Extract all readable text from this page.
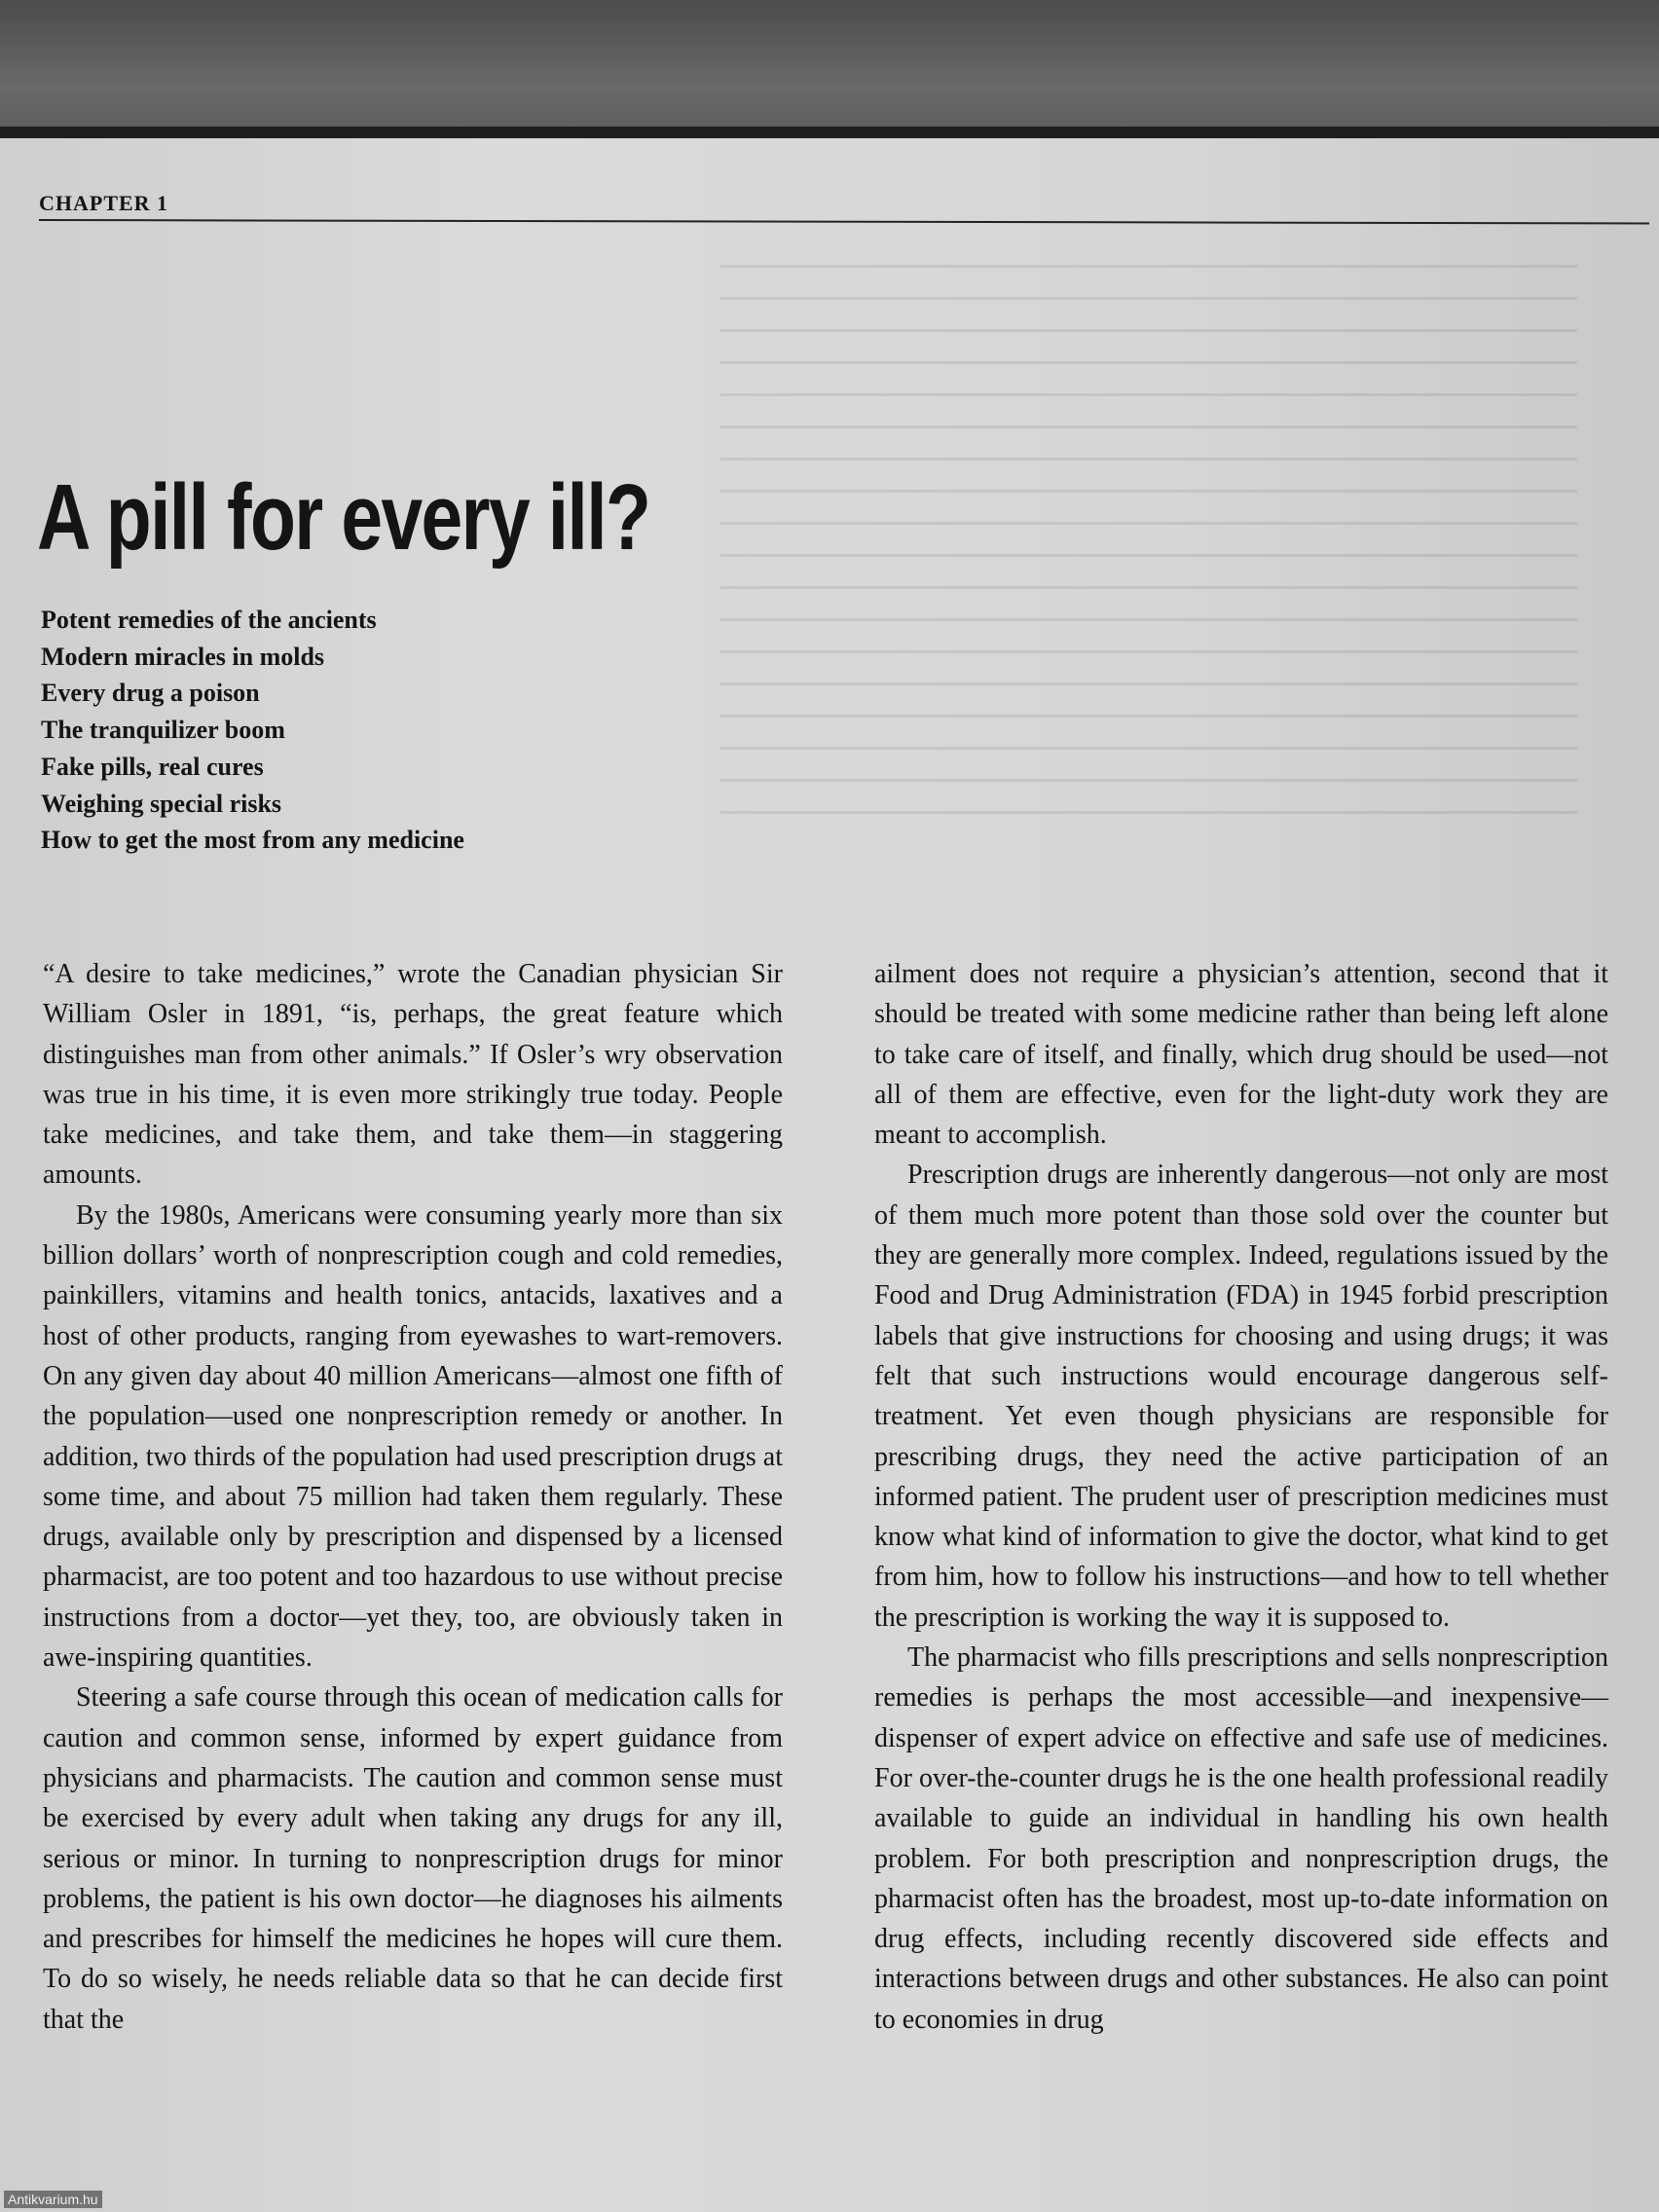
CHAPTER 1
A pill for every ill?
Potent remedies of the ancients
Modern miracles in molds
Every drug a poison
The tranquilizer boom
Fake pills, real cures
Weighing special risks
How to get the most from any medicine

“A desire to take medicines,” wrote the Canadian physician Sir William Osler in 1891, “is, perhaps, the great feature which distinguishes man from other animals.” If Osler’s wry observation was true in his time, it is even more strikingly true today. People take medicines, and take them, and take them—in staggering amounts.

By the 1980s, Americans were consuming yearly more than six billion dollars’ worth of nonprescription cough and cold remedies, painkillers, vitamins and health tonics, antacids, laxatives and a host of other products, ranging from eyewashes to wart-removers. On any given day about 40 million Americans—almost one fifth of the population—used one nonprescription remedy or another. In addition, two thirds of the population had used prescription drugs at some time, and about 75 million had taken them regularly. These drugs, available only by prescription and dispensed by a licensed pharmacist, are too potent and too hazardous to use without precise instructions from a doctor—yet they, too, are obviously taken in awe-inspiring quantities.

Steering a safe course through this ocean of medication calls for caution and common sense, informed by expert guidance from physicians and pharmacists. The caution and common sense must be exercised by every adult when taking any drugs for any ill, serious or minor. In turning to nonprescription drugs for minor problems, the patient is his own doctor—he diagnoses his ailments and prescribes for himself the medicines he hopes will cure them. To do so wisely, he needs reliable data so that he can decide first that the

ailment does not require a physician’s attention, second that it should be treated with some medicine rather than being left alone to take care of itself, and finally, which drug should be used—not all of them are effective, even for the light-duty work they are meant to accomplish.

Prescription drugs are inherently dangerous—not only are most of them much more potent than those sold over the counter but they are generally more complex. Indeed, regulations issued by the Food and Drug Administration (FDA) in 1945 forbid prescription labels that give instructions for choosing and using drugs; it was felt that such instructions would encourage dangerous self-treatment. Yet even though physicians are responsible for prescribing drugs, they need the active participation of an informed patient. The prudent user of prescription medicines must know what kind of information to give the doctor, what kind to get from him, how to follow his instructions—and how to tell whether the prescription is working the way it is supposed to.

The pharmacist who fills prescriptions and sells nonprescription remedies is perhaps the most accessible—and inexpensive—dispenser of expert advice on effective and safe use of medicines. For over-the-counter drugs he is the one health professional readily available to guide an individual in handling his own health problem. For both prescription and nonprescription drugs, the pharmacist often has the broadest, most up-to-date information on drug effects, including recently discovered side effects and interactions between drugs and other substances. He also can point to economies in drug

Antikvarium.hu
